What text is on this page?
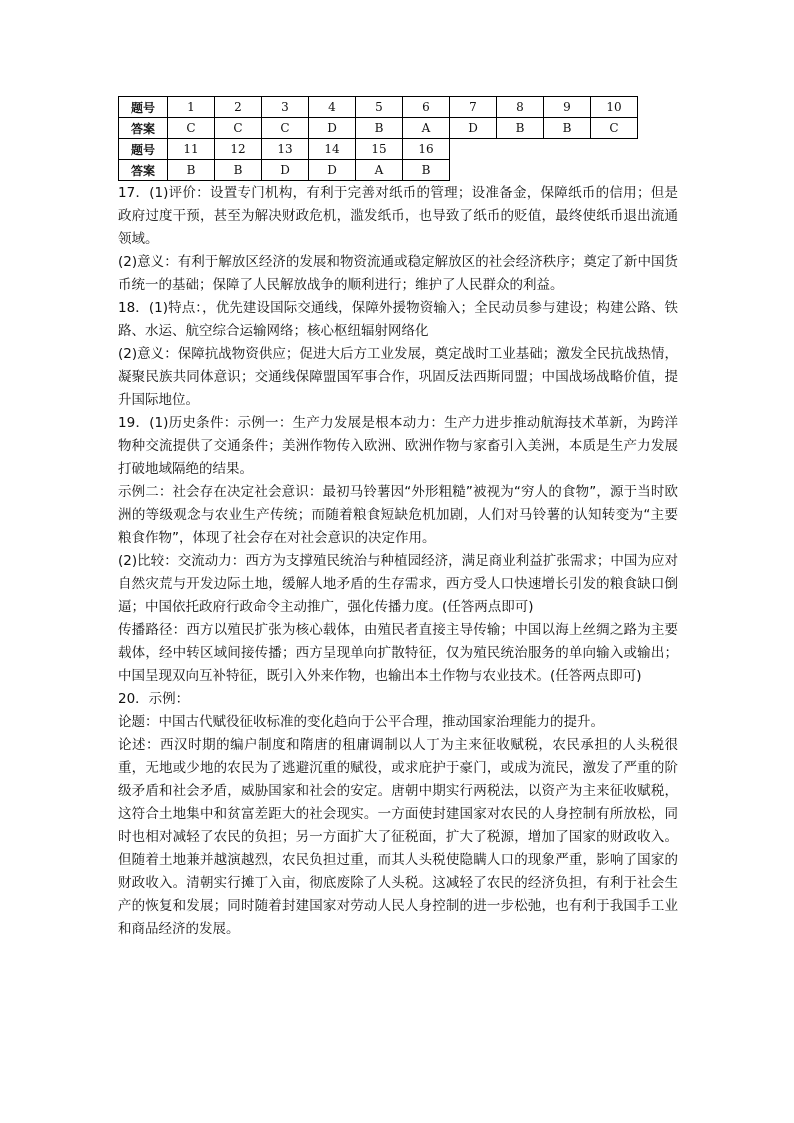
题号	1	2	3	4	5	6	7	8	9	10
答案	C	C	C	D	B	A	D	B	B	C
题号	11	12	13	14	15	16				
答案	B	B	D	D	A	B				

17．(1)评价：设置专门机构，有利于完善对纸币的管理；设准备金，保障纸币的信用；但是政府过度干预，甚至为解决财政危机，滥发纸币，也导致了纸币的贬值，最终使纸币退出流通领域。

(2)意义：有利于解放区经济的发展和物资流通或稳定解放区的社会经济秩序；奠定了新中国货币统一的基础；保障了人民解放战争的顺利进行；维护了人民群众的利益。

18．(1)特点：，优先建设国际交通线，保障外援物资输入；全民动员参与建设；构建公路、铁路、水运、航空综合运输网络；核心枢纽辐射网络化

(2)意义：保障抗战物资供应；促进大后方工业发展，奠定战时工业基础；激发全民抗战热情，凝聚民族共同体意识；交通线保障盟国军事合作，巩固反法西斯同盟；中国战场战略价值，提升国际地位。

19．(1)历史条件：示例一：生产力发展是根本动力：生产力进步推动航海技术革新，为跨洋物种交流提供了交通条件；美洲作物传入欧洲、欧洲作物与家畜引入美洲，本质是生产力发展打破地域隔绝的结果。

示例二：社会存在决定社会意识：最初马铃薯因“外形粗糙”被视为“穷人的食物”，源于当时欧洲的等级观念与农业生产传统；而随着粮食短缺危机加剧，人们对马铃薯的认知转变为“主要粮食作物”，体现了社会存在对社会意识的决定作用。

(2)比较：交流动力：西方为支撑殖民统治与种植园经济，满足商业利益扩张需求；中国为应对自然灾荒与开发边际土地，缓解人地矛盾的生存需求，西方受人口快速增长引发的粮食缺口倒逼；中国依托政府行政命令主动推广，强化传播力度。(任答两点即可)

传播路径：西方以殖民扩张为核心载体，由殖民者直接主导传输；中国以海上丝绸之路为主要载体，经中转区域间接传播；西方呈现单向扩散特征，仅为殖民统治服务的单向输入或输出；中国呈现双向互补特征，既引入外来作物，也输出本土作物与农业技术。(任答两点即可)

20．示例：

论题：中国古代赋役征收标准的变化趋向于公平合理，推动国家治理能力的提升。

论述：西汉时期的编户制度和隋唐的租庸调制以人丁为主来征收赋税，农民承担的人头税很重，无地或少地的农民为了逃避沉重的赋役，或求庇护于豪门，或成为流民，激发了严重的阶级矛盾和社会矛盾，威胁国家和社会的安定。唐朝中期实行两税法，以资产为主来征收赋税，这符合土地集中和贫富差距大的社会现实。一方面使封建国家对农民的人身控制有所放松，同时也相对减轻了农民的负担；另一方面扩大了征税面，扩大了税源，增加了国家的财政收入。但随着土地兼并越演越烈，农民负担过重，而其人头税使隐瞒人口的现象严重，影响了国家的财政收入。清朝实行摊丁入亩，彻底废除了人头税。这减轻了农民的经济负担，有利于社会生产的恢复和发展；同时随着封建国家对劳动人民人身控制的进一步松弛，也有利于我国手工业和商品经济的发展。
